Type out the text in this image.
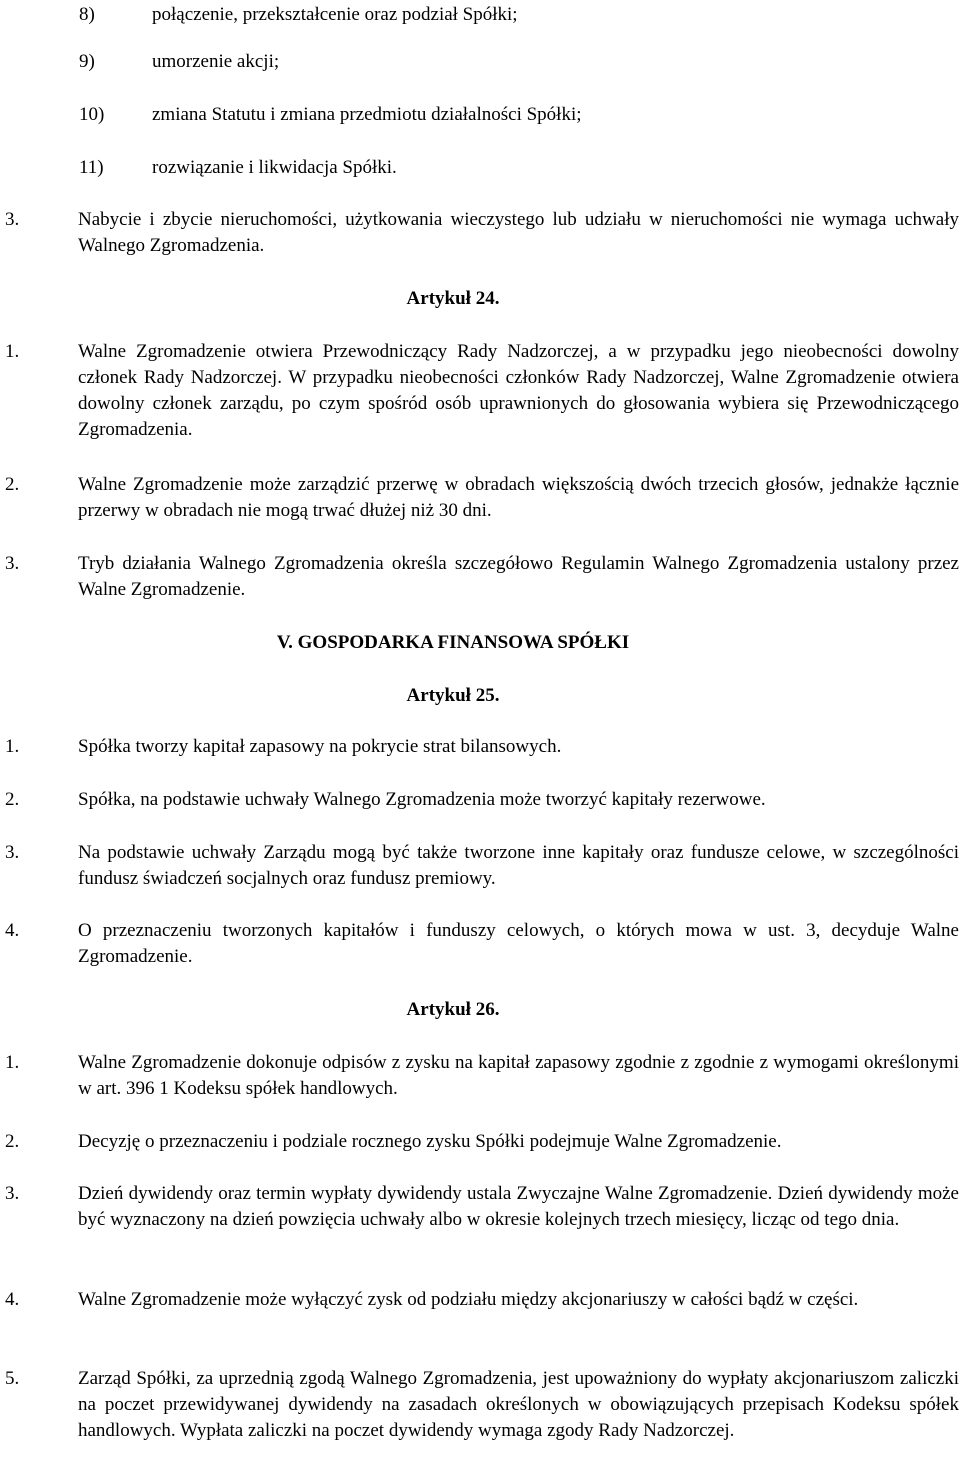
8)	połączenie, przekształcenie oraz podział Spółki;
9)	umorzenie akcji;
10)	zmiana Statutu i zmiana przedmiotu działalności Spółki;
11)	rozwiązanie i likwidacja Spółki.
3.	Nabycie i zbycie nieruchomości, użytkowania wieczystego lub udziału w nieruchomości nie wymaga uchwały Walnego Zgromadzenia.
Artykuł 24.
1.	Walne Zgromadzenie otwiera Przewodniczący Rady Nadzorczej, a w przypadku jego nieobecności dowolny członek Rady Nadzorczej. W przypadku nieobecności członków Rady Nadzorczej, Walne Zgromadzenie otwiera dowolny członek zarządu, po czym spośród osób uprawnionych do głosowania wybiera się Przewodniczącego Zgromadzenia.
2.	Walne Zgromadzenie może zarządzić przerwę w obradach większością dwóch trzecich głosów, jednakże łącznie przerwy w obradach nie mogą trwać dłużej niż 30 dni.
3.	Tryb działania Walnego Zgromadzenia określa szczegółowo Regulamin Walnego Zgromadzenia ustalony przez Walne Zgromadzenie.
V. GOSPODARKA FINANSOWA SPÓŁKI
Artykuł 25.
1.	Spółka tworzy kapitał zapasowy na pokrycie strat bilansowych.
2.	Spółka, na podstawie uchwały Walnego Zgromadzenia może tworzyć kapitały rezerwowe.
3.	Na podstawie uchwały Zarządu mogą być także tworzone inne kapitały oraz fundusze celowe, w szczególności fundusz świadczeń socjalnych oraz fundusz premiowy.
4.	O przeznaczeniu tworzonych kapitałów i funduszy celowych, o których mowa w ust. 3, decyduje Walne Zgromadzenie.
Artykuł 26.
1.	Walne Zgromadzenie dokonuje odpisów z zysku na kapitał zapasowy zgodnie z zgodnie z wymogami określonymi w art. 396 1 Kodeksu spółek handlowych.
2.	Decyzję o przeznaczeniu i podziale rocznego zysku Spółki podejmuje Walne Zgromadzenie.
3.	Dzień dywidendy oraz termin wypłaty dywidendy ustala Zwyczajne Walne Zgromadzenie. Dzień dywidendy może być wyznaczony na dzień powzięcia uchwały albo w okresie kolejnych trzech miesięcy, licząc od tego dnia.
4.	Walne Zgromadzenie może wyłączyć zysk od podziału między akcjonariuszy w całości bądź w części.
5.	Zarząd Spółki, za uprzednią zgodą Walnego Zgromadzenia, jest upoważniony do wypłaty akcjonariuszom zaliczki na poczet przewidywanej dywidendy na zasadach określonych w obowiązujących przepisach Kodeksu spółek handlowych. Wypłata zaliczki na poczet dywidendy wymaga zgody Rady Nadzorczej.
